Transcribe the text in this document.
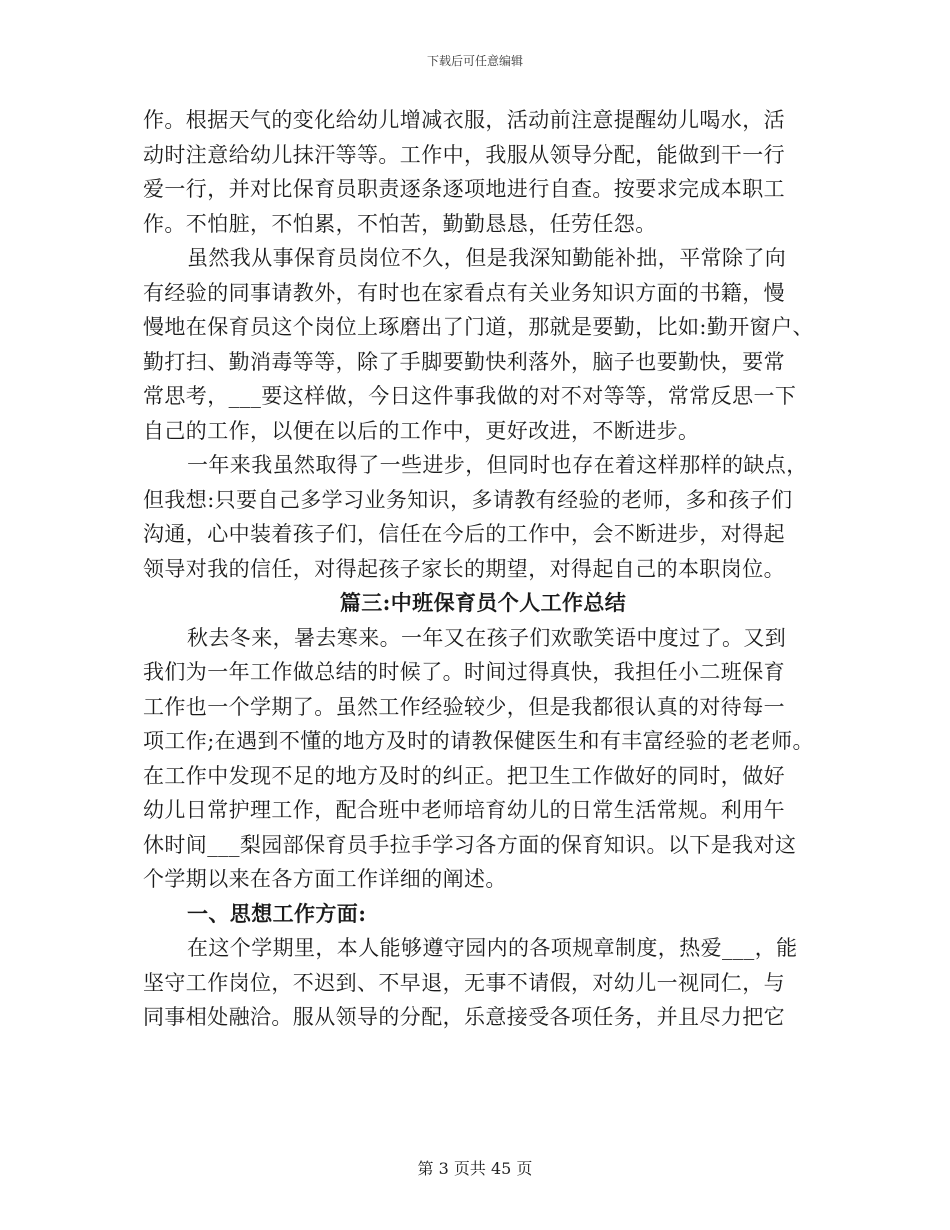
下载后可任意编辑
作。根据天气的变化给幼儿增减衣服，活动前注意提醒幼儿喝水，活
动时注意给幼儿抹汗等等。工作中，我服从领导分配，能做到干一行
爱一行，并对比保育员职责逐条逐项地进行自查。按要求完成本职工
作。不怕脏，不怕累，不怕苦，勤勤恳恳，任劳任怨。
虽然我从事保育员岗位不久，但是我深知勤能补拙，平常除了向
有经验的同事请教外，有时也在家看点有关业务知识方面的书籍，慢
慢地在保育员这个岗位上琢磨出了门道，那就是要勤，比如:勤开窗户、
勤打扫、勤消毒等等，除了手脚要勤快利落外，脑子也要勤快，要常
常思考，___要这样做，今日这件事我做的对不对等等，常常反思一下
自己的工作，以便在以后的工作中，更好改进，不断进步。
一年来我虽然取得了一些进步，但同时也存在着这样那样的缺点，
但我想:只要自己多学习业务知识，多请教有经验的老师，多和孩子们
沟通，心中装着孩子们，信任在今后的工作中，会不断进步，对得起
领导对我的信任，对得起孩子家长的期望，对得起自己的本职岗位。
篇三:中班保育员个人工作总结
秋去冬来，暑去寒来。一年又在孩子们欢歌笑语中度过了。又到
我们为一年工作做总结的时候了。时间过得真快，我担任小二班保育
工作也一个学期了。虽然工作经验较少，但是我都很认真的对待每一
项工作;在遇到不懂的地方及时的请教保健医生和有丰富经验的老老师。
在工作中发现不足的地方及时的纠正。把卫生工作做好的同时，做好
幼儿日常护理工作，配合班中老师培育幼儿的日常生活常规。利用午
休时间___梨园部保育员手拉手学习各方面的保育知识。以下是我对这
个学期以来在各方面工作详细的阐述。
一、思想工作方面:
在这个学期里，本人能够遵守园内的各项规章制度，热爱___，能
坚守工作岗位，不迟到、不早退，无事不请假，对幼儿一视同仁，与
同事相处融洽。服从领导的分配，乐意接受各项任务，并且尽力把它
第 3 页共 45 页
